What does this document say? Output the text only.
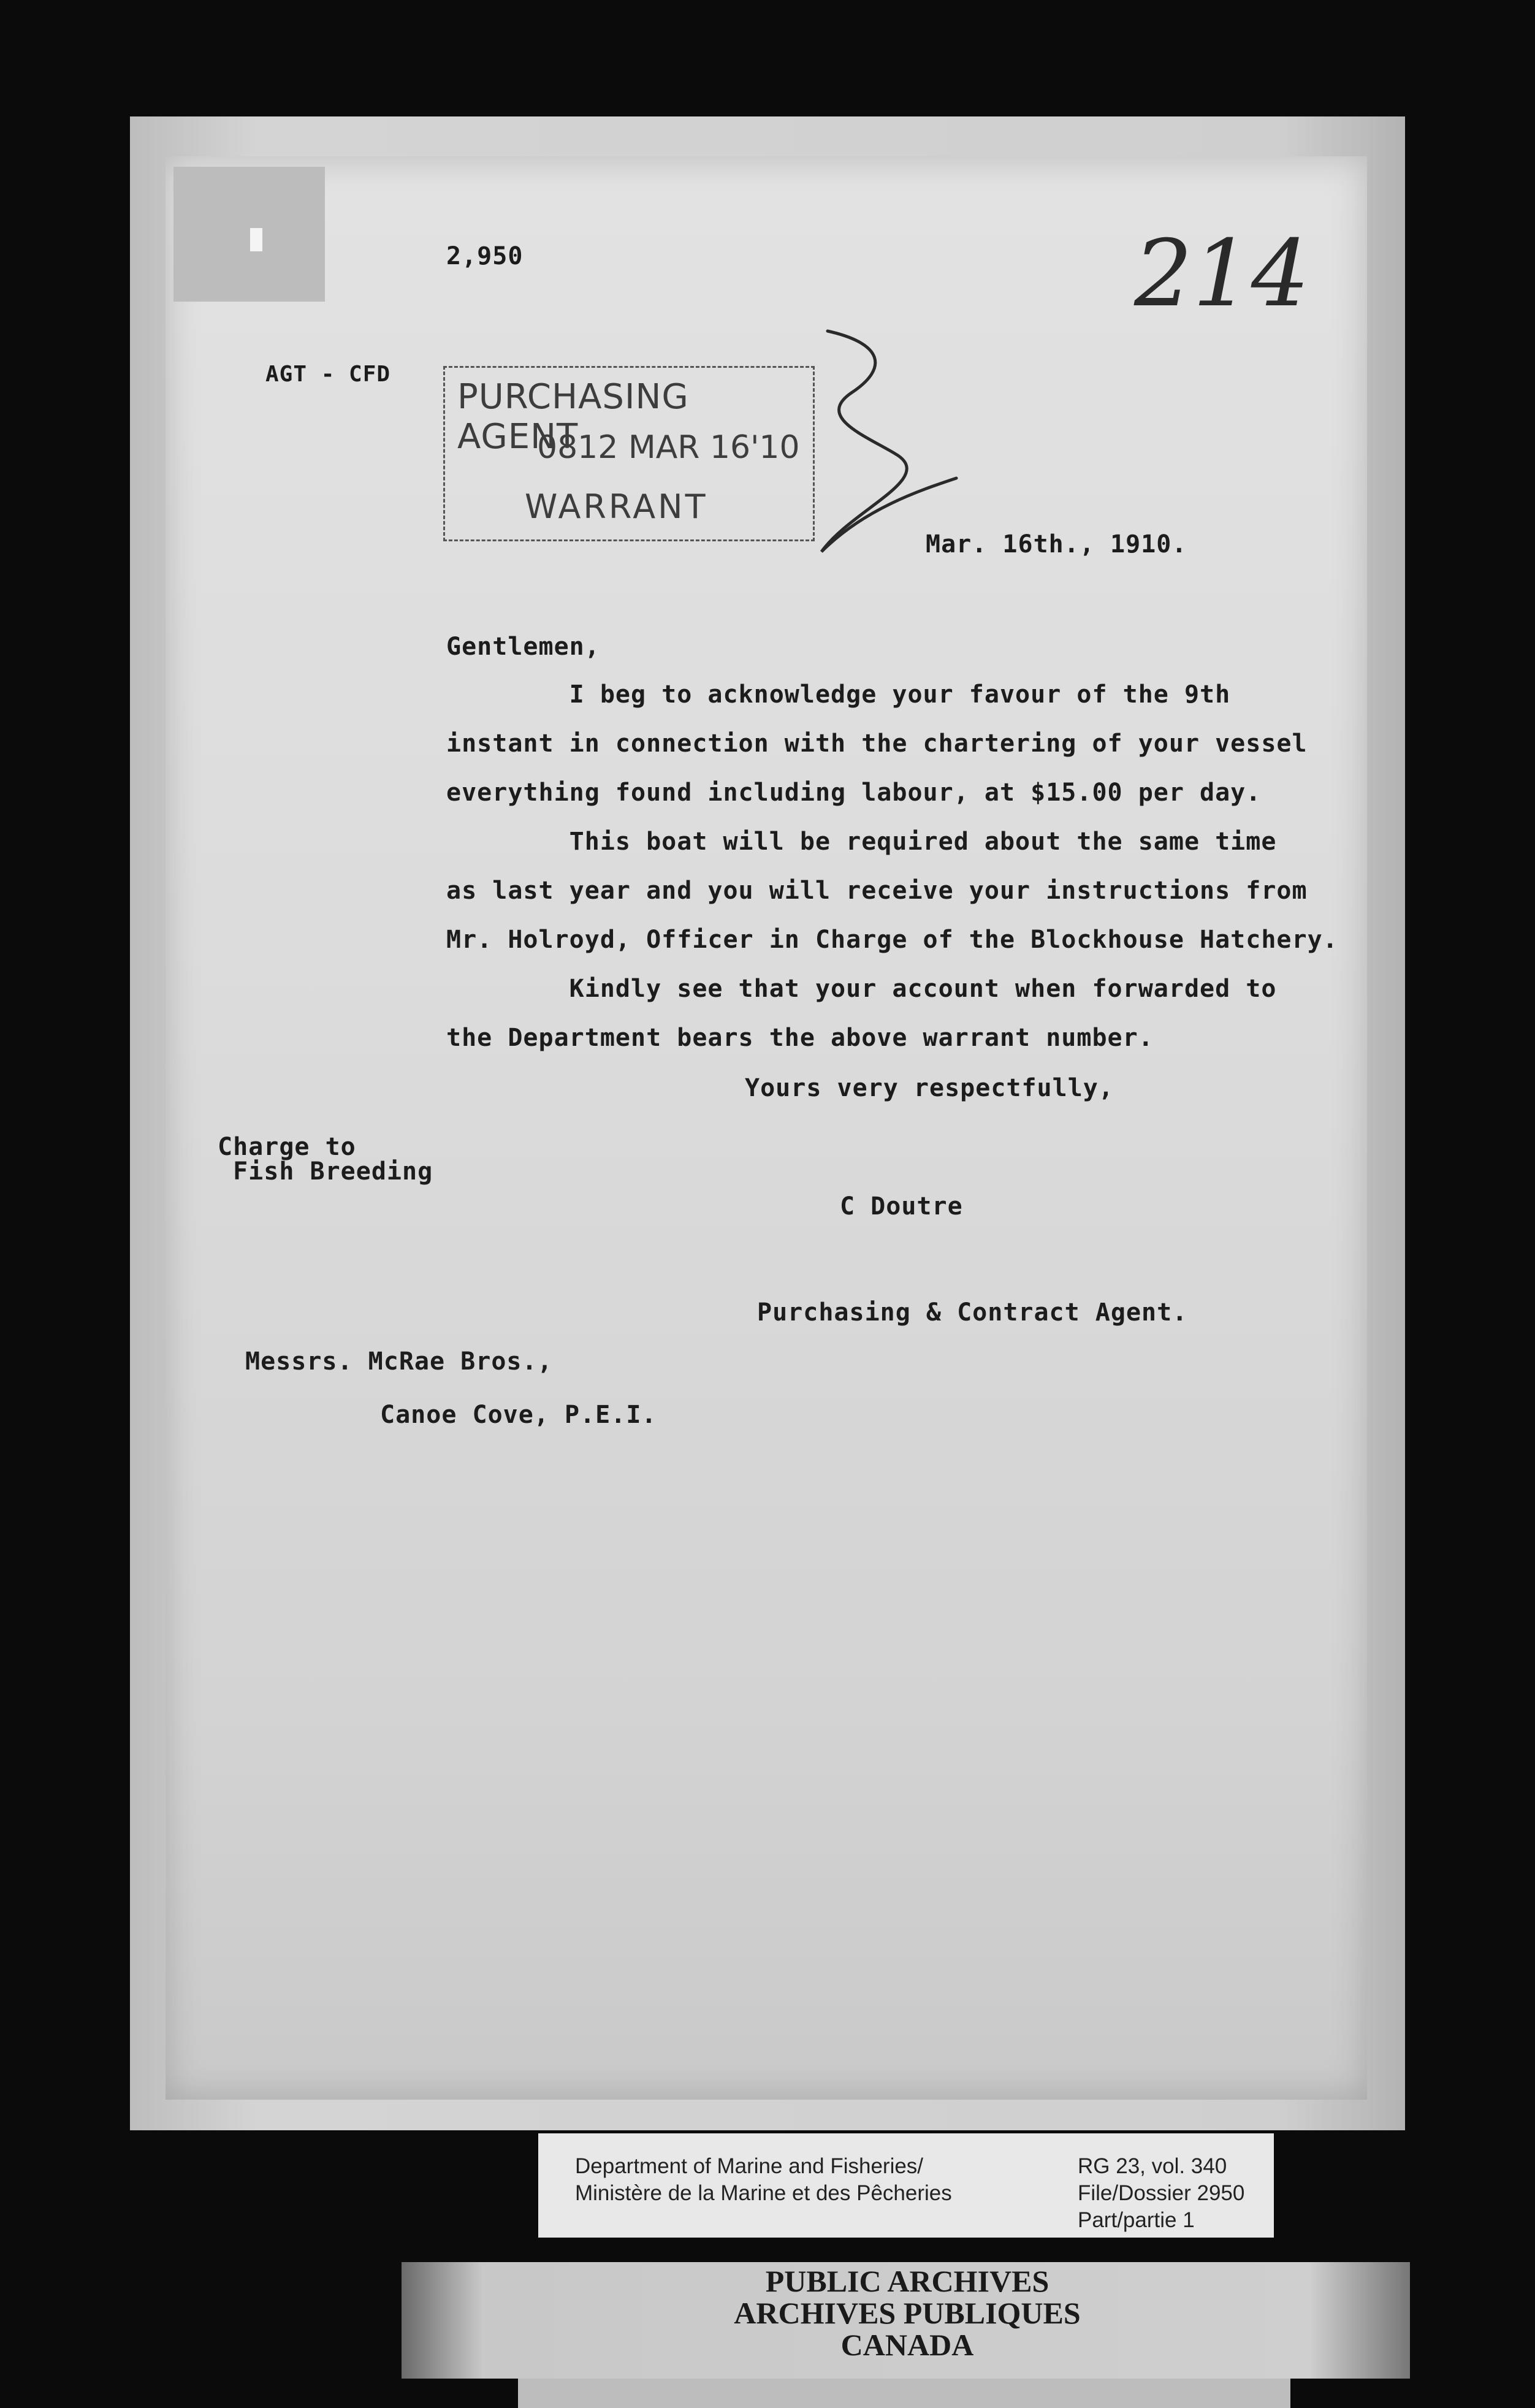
2,950	214
AGT - CFD
PURCHASING AGENT
0812 MAR 16'10
WARRANT
Mar. 16th., 1910.
Gentlemen,
I beg to acknowledge your favour of the 9th
instant in connection with the chartering of your vessel
everything found including labour, at $15.00 per day.
This boat will be required about the same time
as last year and you will receive your instructions from
Mr. Holroyd, Officer in Charge of the Blockhouse Hatchery.
Kindly see that your account when forwarded to
the Department bears the above warrant number.
Yours very respectfully,
Charge to
Fish Breeding
C Doutre
Purchasing & Contract Agent.
Messrs. McRae Bros.,
Canoe Cove, P.E.I.
Department of Marine and Fisheries/
Ministère de la Marine et des Pêcheries
RG 23, vol. 340
File/Dossier 2950
Part/partie 1
PUBLIC ARCHIVES
ARCHIVES PUBLIQUES
CANADA
